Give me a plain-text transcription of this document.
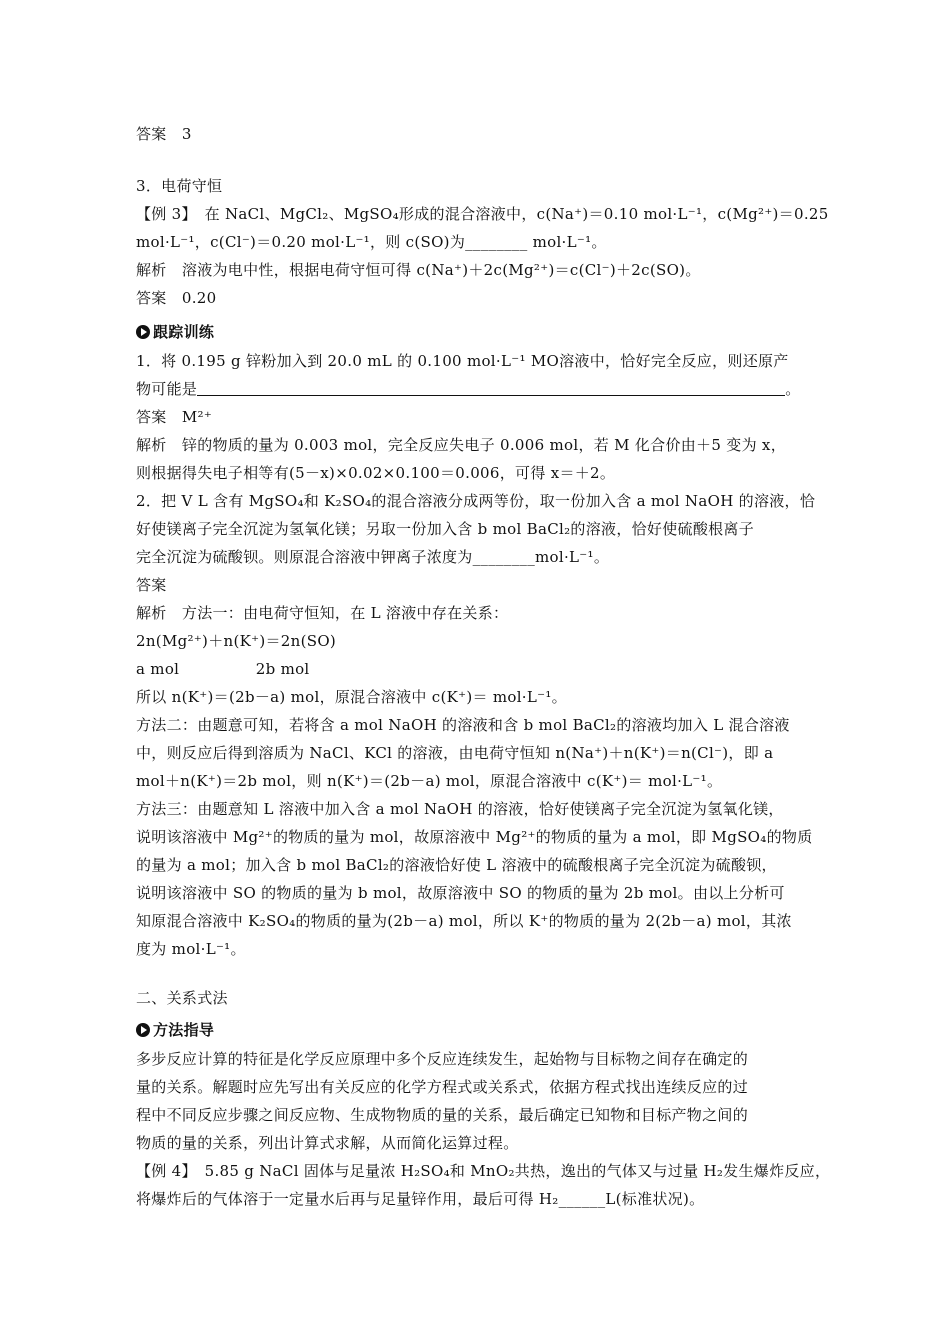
答案　3
3．电荷守恒
【例 3】　在 NaCl、MgCl₂、MgSO₄形成的混合溶液中，c(Na⁺)＝0.10 mol·L⁻¹，c(Mg²⁺)＝0.25
mol·L⁻¹，c(Cl⁻)＝0.20 mol·L⁻¹，则 c(SO)为________ mol·L⁻¹。
解析　溶液为电中性，根据电荷守恒可得 c(Na⁺)＋2c(Mg²⁺)＝c(Cl⁻)＋2c(SO)。
答案　0.20
跟踪训练
1．将 0.195 g 锌粉加入到 20.0 mL 的 0.100 mol·L⁻¹ MO溶液中，恰好完全反应，则还原产
物可能是	。
答案　M²⁺
解析　锌的物质的量为 0.003 mol，完全反应失电子 0.006 mol，若 M 化合价由＋5 变为 x，
则根据得失电子相等有(5－x)×0.02×0.100＝0.006，可得 x＝＋2。
2．把 V L 含有 MgSO₄和 K₂SO₄的混合溶液分成两等份，取一份加入含 a mol NaOH 的溶液，恰
好使镁离子完全沉淀为氢氧化镁；另取一份加入含 b mol BaCl₂的溶液，恰好使硫酸根离子
完全沉淀为硫酸钡。则原混合溶液中钾离子浓度为________mol·L⁻¹。
答案
解析　方法一：由电荷守恒知，在 L 溶液中存在关系：
2n(Mg²⁺)＋n(K⁺)＝2n(SO)
a mol　　　　　2b mol
所以 n(K⁺)＝(2b－a) mol，原混合溶液中 c(K⁺)＝ mol·L⁻¹。
方法二：由题意可知，若将含 a mol NaOH 的溶液和含 b mol BaCl₂的溶液均加入 L 混合溶液
中，则反应后得到溶质为 NaCl、KCl 的溶液，由电荷守恒知 n(Na⁺)＋n(K⁺)＝n(Cl⁻)，即 a
mol＋n(K⁺)＝2b mol，则 n(K⁺)＝(2b－a) mol，原混合溶液中 c(K⁺)＝ mol·L⁻¹。
方法三：由题意知 L 溶液中加入含 a mol NaOH 的溶液，恰好使镁离子完全沉淀为氢氧化镁，
说明该溶液中 Mg²⁺的物质的量为 mol，故原溶液中 Mg²⁺的物质的量为 a mol，即 MgSO₄的物质
的量为 a mol；加入含 b mol BaCl₂的溶液恰好使 L 溶液中的硫酸根离子完全沉淀为硫酸钡，
说明该溶液中 SO 的物质的量为 b mol，故原溶液中 SO 的物质的量为 2b mol。由以上分析可
知原混合溶液中 K₂SO₄的物质的量为(2b－a) mol，所以 K⁺的物质的量为 2(2b－a) mol，其浓
度为 mol·L⁻¹。
二、关系式法
方法指导
多步反应计算的特征是化学反应原理中多个反应连续发生，起始物与目标物之间存在确定的
量的关系。解题时应先写出有关反应的化学方程式或关系式，依据方程式找出连续反应的过
程中不同反应步骤之间反应物、生成物物质的量的关系，最后确定已知物和目标产物之间的
物质的量的关系，列出计算式求解，从而简化运算过程。
【例 4】　5.85 g NaCl 固体与足量浓 H₂SO₄和 MnO₂共热，逸出的气体又与过量 H₂发生爆炸反应，
将爆炸后的气体溶于一定量水后再与足量锌作用，最后可得 H₂______L(标准状况)。
